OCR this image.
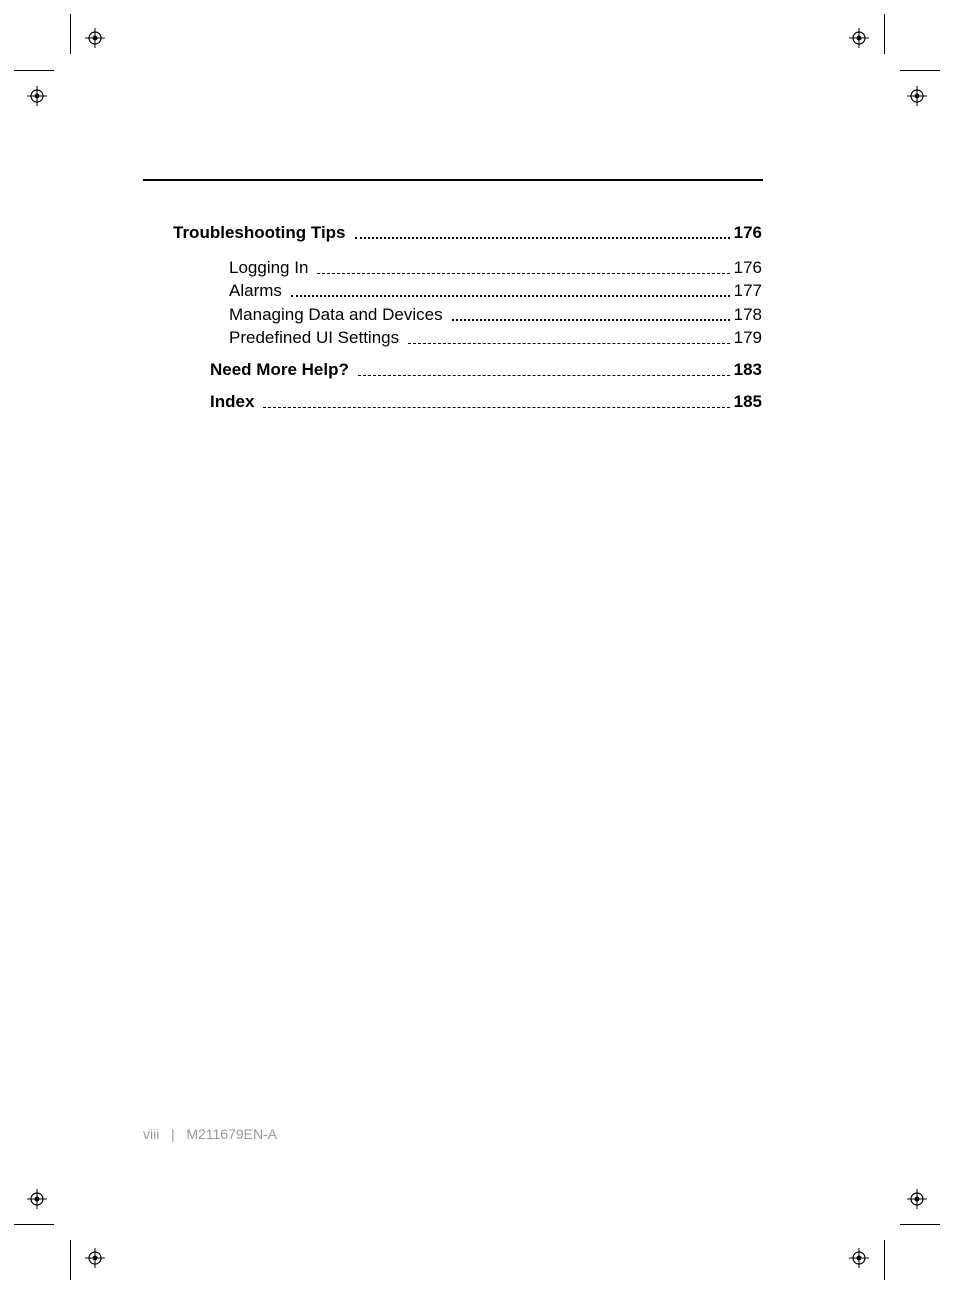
Troubleshooting Tips	176
Logging In	176
Alarms	177
Managing Data and Devices	178
Predefined UI Settings	179
Need More Help?	183
Index	185
viii | M211679EN-A
